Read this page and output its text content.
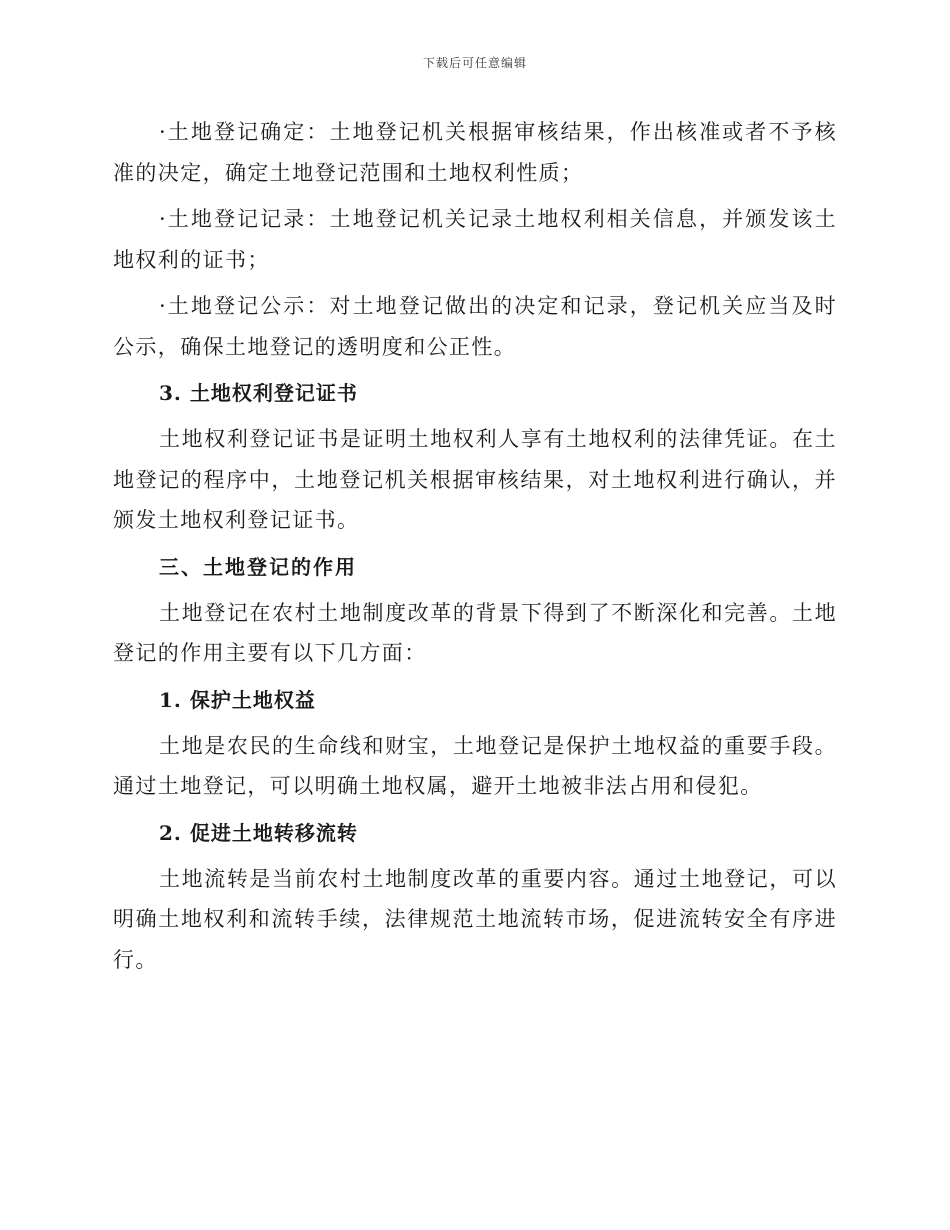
下载后可任意编辑

·土地登记确定：土地登记机关根据审核结果，作出核准或者不予核准的决定，确定土地登记范围和土地权利性质；

·土地登记记录：土地登记机关记录土地权利相关信息，并颁发该土地权利的证书；

·土地登记公示：对土地登记做出的决定和记录，登记机关应当及时公示，确保土地登记的透明度和公正性。

3. 土地权利登记证书

土地权利登记证书是证明土地权利人享有土地权利的法律凭证。在土地登记的程序中，土地登记机关根据审核结果，对土地权利进行确认，并颁发土地权利登记证书。

三、土地登记的作用

土地登记在农村土地制度改革的背景下得到了不断深化和完善。土地登记的作用主要有以下几方面：

1. 保护土地权益

土地是农民的生命线和财宝，土地登记是保护土地权益的重要手段。通过土地登记，可以明确土地权属，避开土地被非法占用和侵犯。

2. 促进土地转移流转

土地流转是当前农村土地制度改革的重要内容。通过土地登记，可以明确土地权利和流转手续，法律规范土地流转市场，促进流转安全有序进行。
